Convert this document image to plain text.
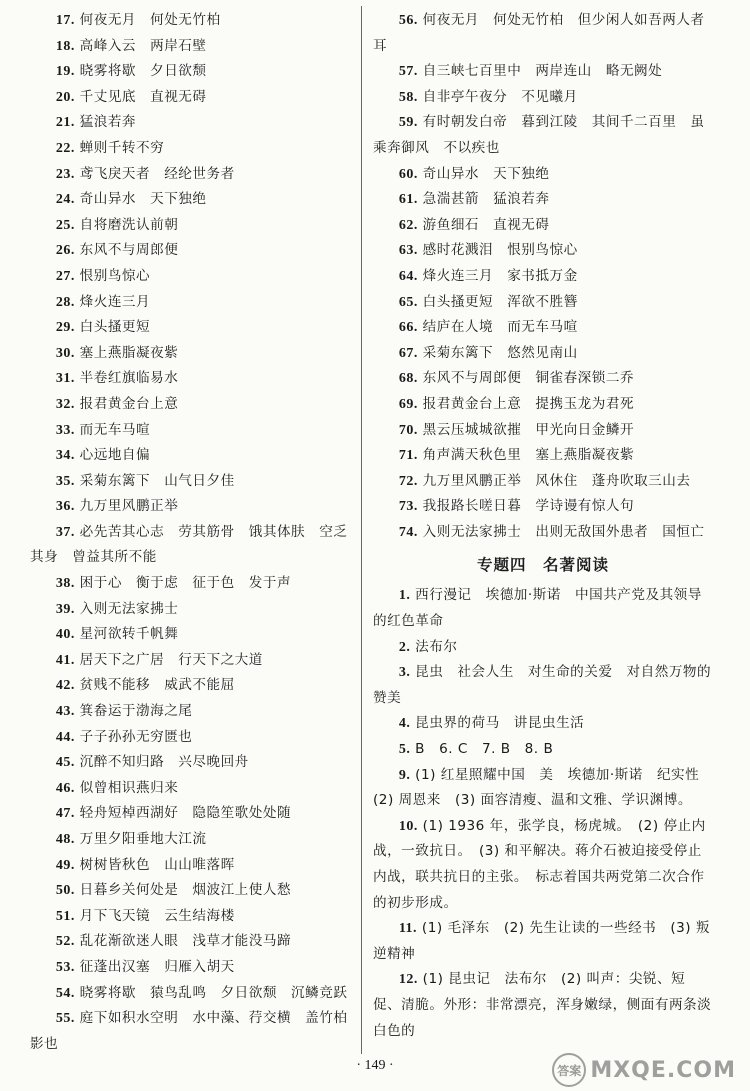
17. 何夜无月　何处无竹柏

18. 高峰入云　两岸石壁

19. 晓雾将歇　夕日欲颓

20. 千丈见底　直视无碍

21. 猛浪若奔

22. 蝉则千转不穷

23. 鸢飞戾天者　经纶世务者

24. 奇山异水　天下独绝

25. 自将磨洗认前朝

26. 东风不与周郎便

27. 恨别鸟惊心

28. 烽火连三月

29. 白头搔更短

30. 塞上燕脂凝夜紫

31. 半卷红旗临易水

32. 报君黄金台上意

33. 而无车马喧

34. 心远地自偏

35. 采菊东篱下　山气日夕佳

36. 九万里风鹏正举

37. 必先苦其心志　劳其筋骨　饿其体肤　空乏其身　曾益其所不能

38. 困于心　衡于虑　征于色　发于声

39. 入则无法家拂士

40. 星河欲转千帆舞

41. 居天下之广居　行天下之大道

42. 贫贱不能移　威武不能屈

43. 箕畚运于渤海之尾

44. 子子孙孙无穷匮也

45. 沉醉不知归路　兴尽晚回舟

46. 似曾相识燕归来

47. 轻舟短棹西湖好　隐隐笙歌处处随

48. 万里夕阳垂地大江流

49. 树树皆秋色　山山唯落晖

50. 日暮乡关何处是　烟波江上使人愁

51. 月下飞天镜　云生结海楼

52. 乱花渐欲迷人眼　浅草才能没马蹄

53. 征蓬出汉塞　归雁入胡天

54. 晓雾将歇　猿鸟乱鸣　夕日欲颓　沉鳞竞跃

55. 庭下如积水空明　水中藻、荇交横　盖竹柏影也

56. 何夜无月　何处无竹柏　但少闲人如吾两人者耳

57. 自三峡七百里中　两岸连山　略无阙处

58. 自非亭午夜分　不见曦月

59. 有时朝发白帝　暮到江陵　其间千二百里　虽乘奔御风　不以疾也

60. 奇山异水　天下独绝

61. 急湍甚箭　猛浪若奔

62. 游鱼细石　直视无碍

63. 感时花溅泪　恨别鸟惊心

64. 烽火连三月　家书抵万金

65. 白头搔更短　浑欲不胜簪

66. 结庐在人境　而无车马喧

67. 采菊东篱下　悠然见南山

68. 东风不与周郎便　铜雀春深锁二乔

69. 报君黄金台上意　提携玉龙为君死

70. 黑云压城城欲摧　甲光向日金鳞开

71. 角声满天秋色里　塞上燕脂凝夜紫

72. 九万里风鹏正举　风休住　蓬舟吹取三山去

73. 我报路长嗟日暮　学诗谩有惊人句

74. 入则无法家拂士　出则无敌国外患者　国恒亡

专题四　名著阅读

1. 西行漫记　埃德加·斯诺　中国共产党及其领导的红色革命

2. 法布尔

3. 昆虫　社会人生　对生命的关爱　对自然万物的赞美

4. 昆虫界的荷马　讲昆虫生活

5. B　6. C　7. B　8. B

9. (1) 红星照耀中国　美　埃德加·斯诺　纪实性　(2) 周恩来　(3) 面容清瘦、温和文雅、学识渊博。

10. (1) 1936 年，张学良，杨虎城。　(2) 停止内战，一致抗日。　(3) 和平解决。蒋介石被迫接受停止内战，联共抗日的主张。　标志着国共两党第二次合作的初步形成。

11. (1) 毛泽东　(2) 先生让读的一些经书　(3) 叛逆精神

12. (1) 昆虫记　法布尔　(2) 叫声：尖锐、短促、清脆。外形：非常漂亮，浑身嫩绿，侧面有两条淡白色的

· 149 ·	答案 MXQE.COM
